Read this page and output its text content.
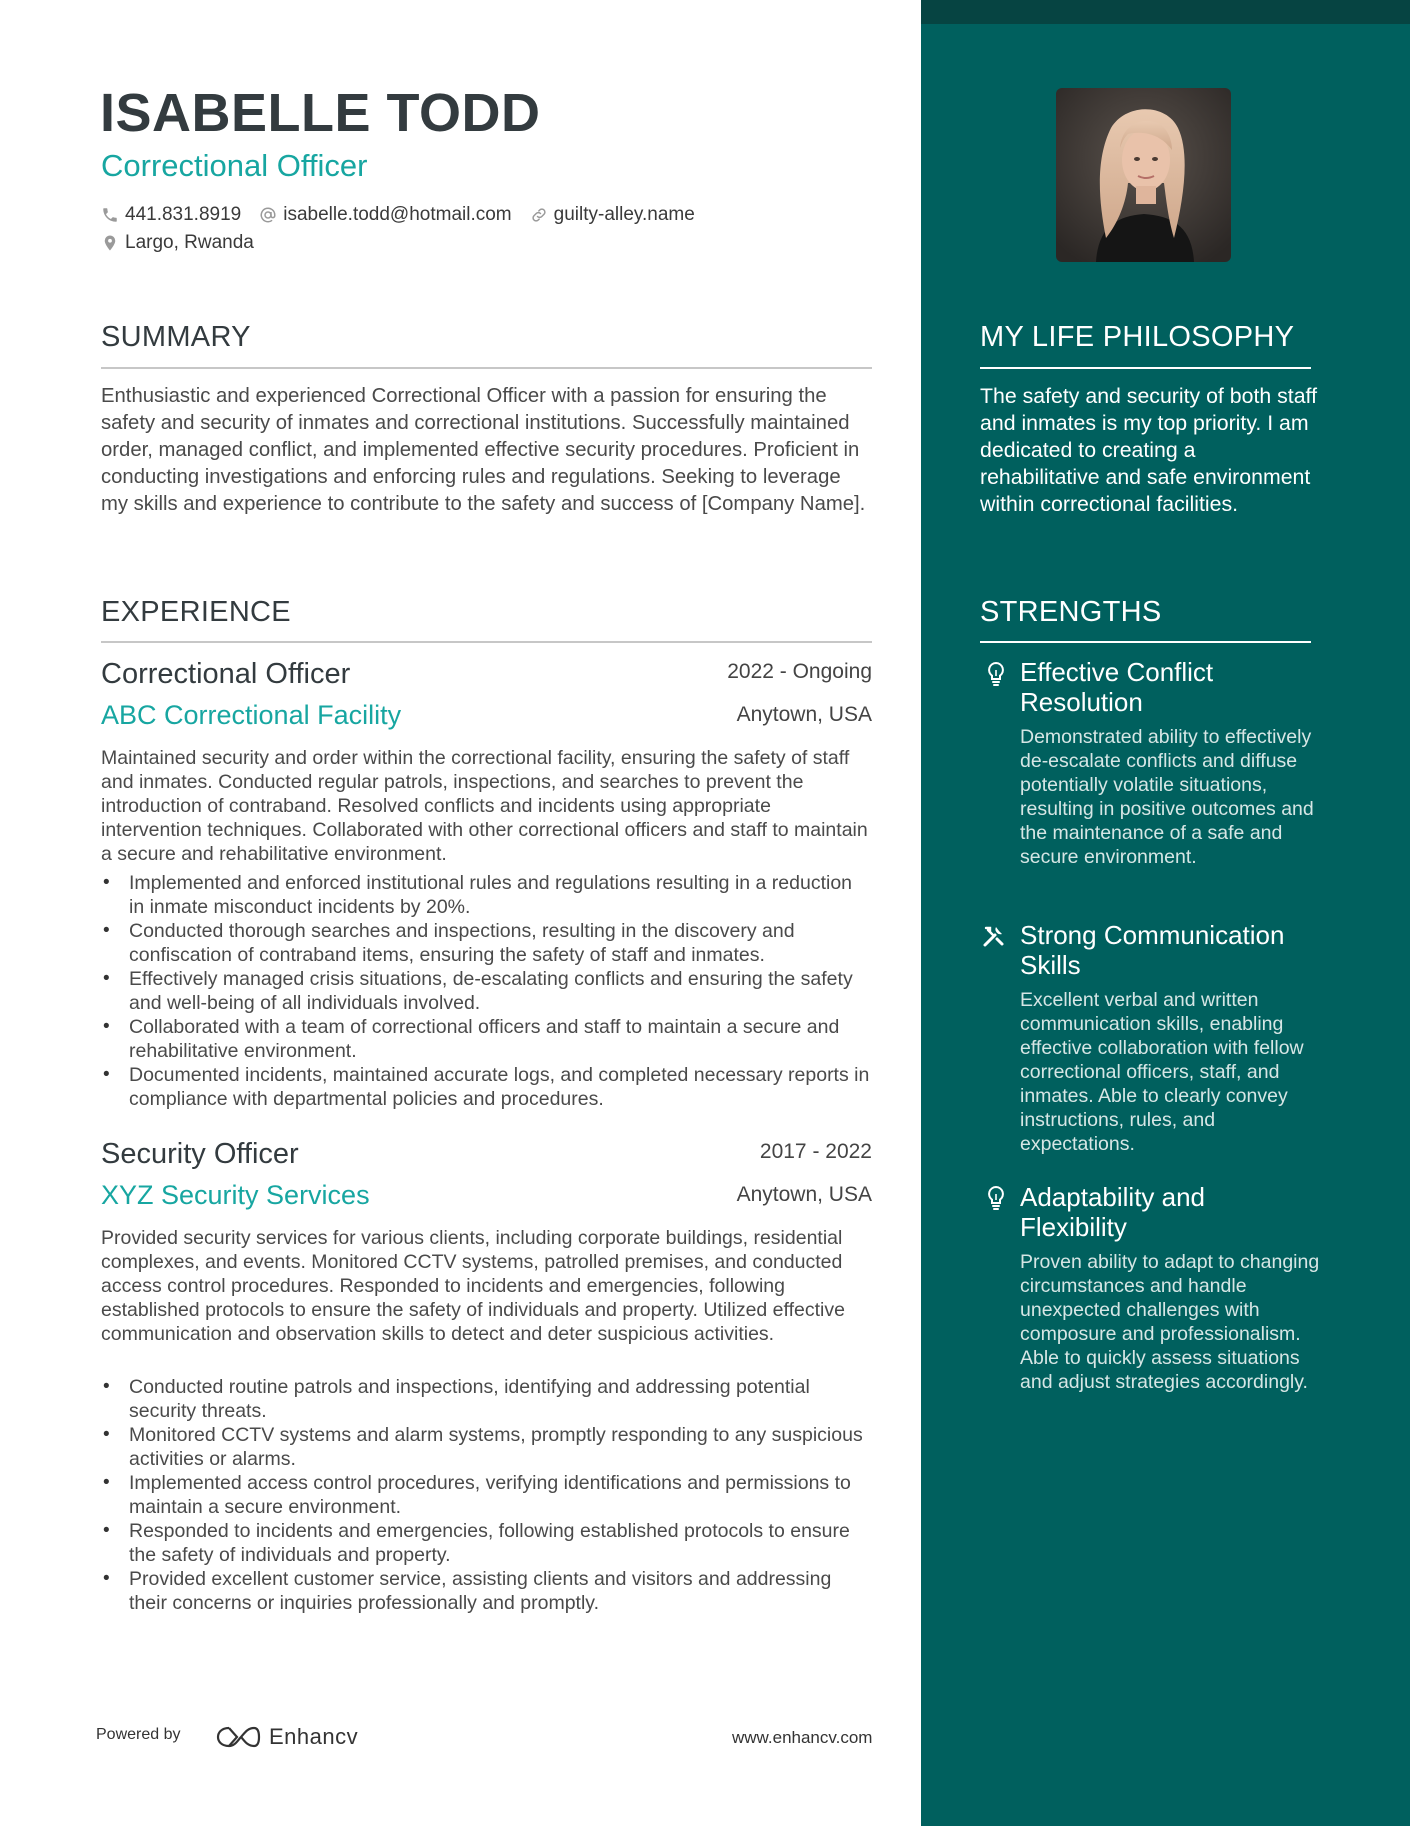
ISABELLE TODD
Correctional Officer
441.831.8919 isabelle.todd@hotmail.com guilty-alley.name
Largo, Rwanda
SUMMARY

Enthusiastic and experienced Correctional Officer with a passion for ensuring the safety and security of inmates and correctional institutions. Successfully maintained order, managed conflict, and implemented effective security procedures. Proficient in conducting investigations and enforcing rules and regulations. Seeking to leverage my skills and experience to contribute to the safety and success of [Company Name].

EXPERIENCE
Correctional Officer	2022 - Ongoing
ABC Correctional Facility	Anytown, USA

Maintained security and order within the correctional facility, ensuring the safety of staff and inmates. Conducted regular patrols, inspections, and searches to prevent the introduction of contraband. Resolved conflicts and incidents using appropriate intervention techniques. Collaborated with other correctional officers and staff to maintain a secure and rehabilitative environment.

• Implemented and enforced institutional rules and regulations resulting in a reduction in inmate misconduct incidents by 20%.
• Conducted thorough searches and inspections, resulting in the discovery and confiscation of contraband items, ensuring the safety of staff and inmates.
• Effectively managed crisis situations, de-escalating conflicts and ensuring the safety and well-being of all individuals involved.
• Collaborated with a team of correctional officers and staff to maintain a secure and rehabilitative environment.
• Documented incidents, maintained accurate logs, and completed necessary reports in compliance with departmental policies and procedures.
Security Officer	2017 - 2022
XYZ Security Services	Anytown, USA

Provided security services for various clients, including corporate buildings, residential complexes, and events. Monitored CCTV systems, patrolled premises, and conducted access control procedures. Responded to incidents and emergencies, following established protocols to ensure the safety of individuals and property. Utilized effective communication and observation skills to detect and deter suspicious activities.

• Conducted routine patrols and inspections, identifying and addressing potential security threats.
• Monitored CCTV systems and alarm systems, promptly responding to any suspicious activities or alarms.
• Implemented access control procedures, verifying identifications and permissions to maintain a secure environment.
• Responded to incidents and emergencies, following established protocols to ensure the safety of individuals and property.
• Provided excellent customer service, assisting clients and visitors and addressing their concerns or inquiries professionally and promptly.
Powered by	Enhancv	www.enhancv.com
MY LIFE PHILOSOPHY

The safety and security of both staff and inmates is my top priority. I am dedicated to creating a rehabilitative and safe environment within correctional facilities.

STRENGTHS

Effective Conflict Resolution

Demonstrated ability to effectively de-escalate conflicts and diffuse potentially volatile situations, resulting in positive outcomes and the maintenance of a safe and secure environment.

Strong Communication Skills

Excellent verbal and written communication skills, enabling effective collaboration with fellow correctional officers, staff, and inmates. Able to clearly convey instructions, rules, and expectations.

Adaptability and Flexibility

Proven ability to adapt to changing circumstances and handle unexpected challenges with composure and professionalism. Able to quickly assess situations and adjust strategies accordingly.
